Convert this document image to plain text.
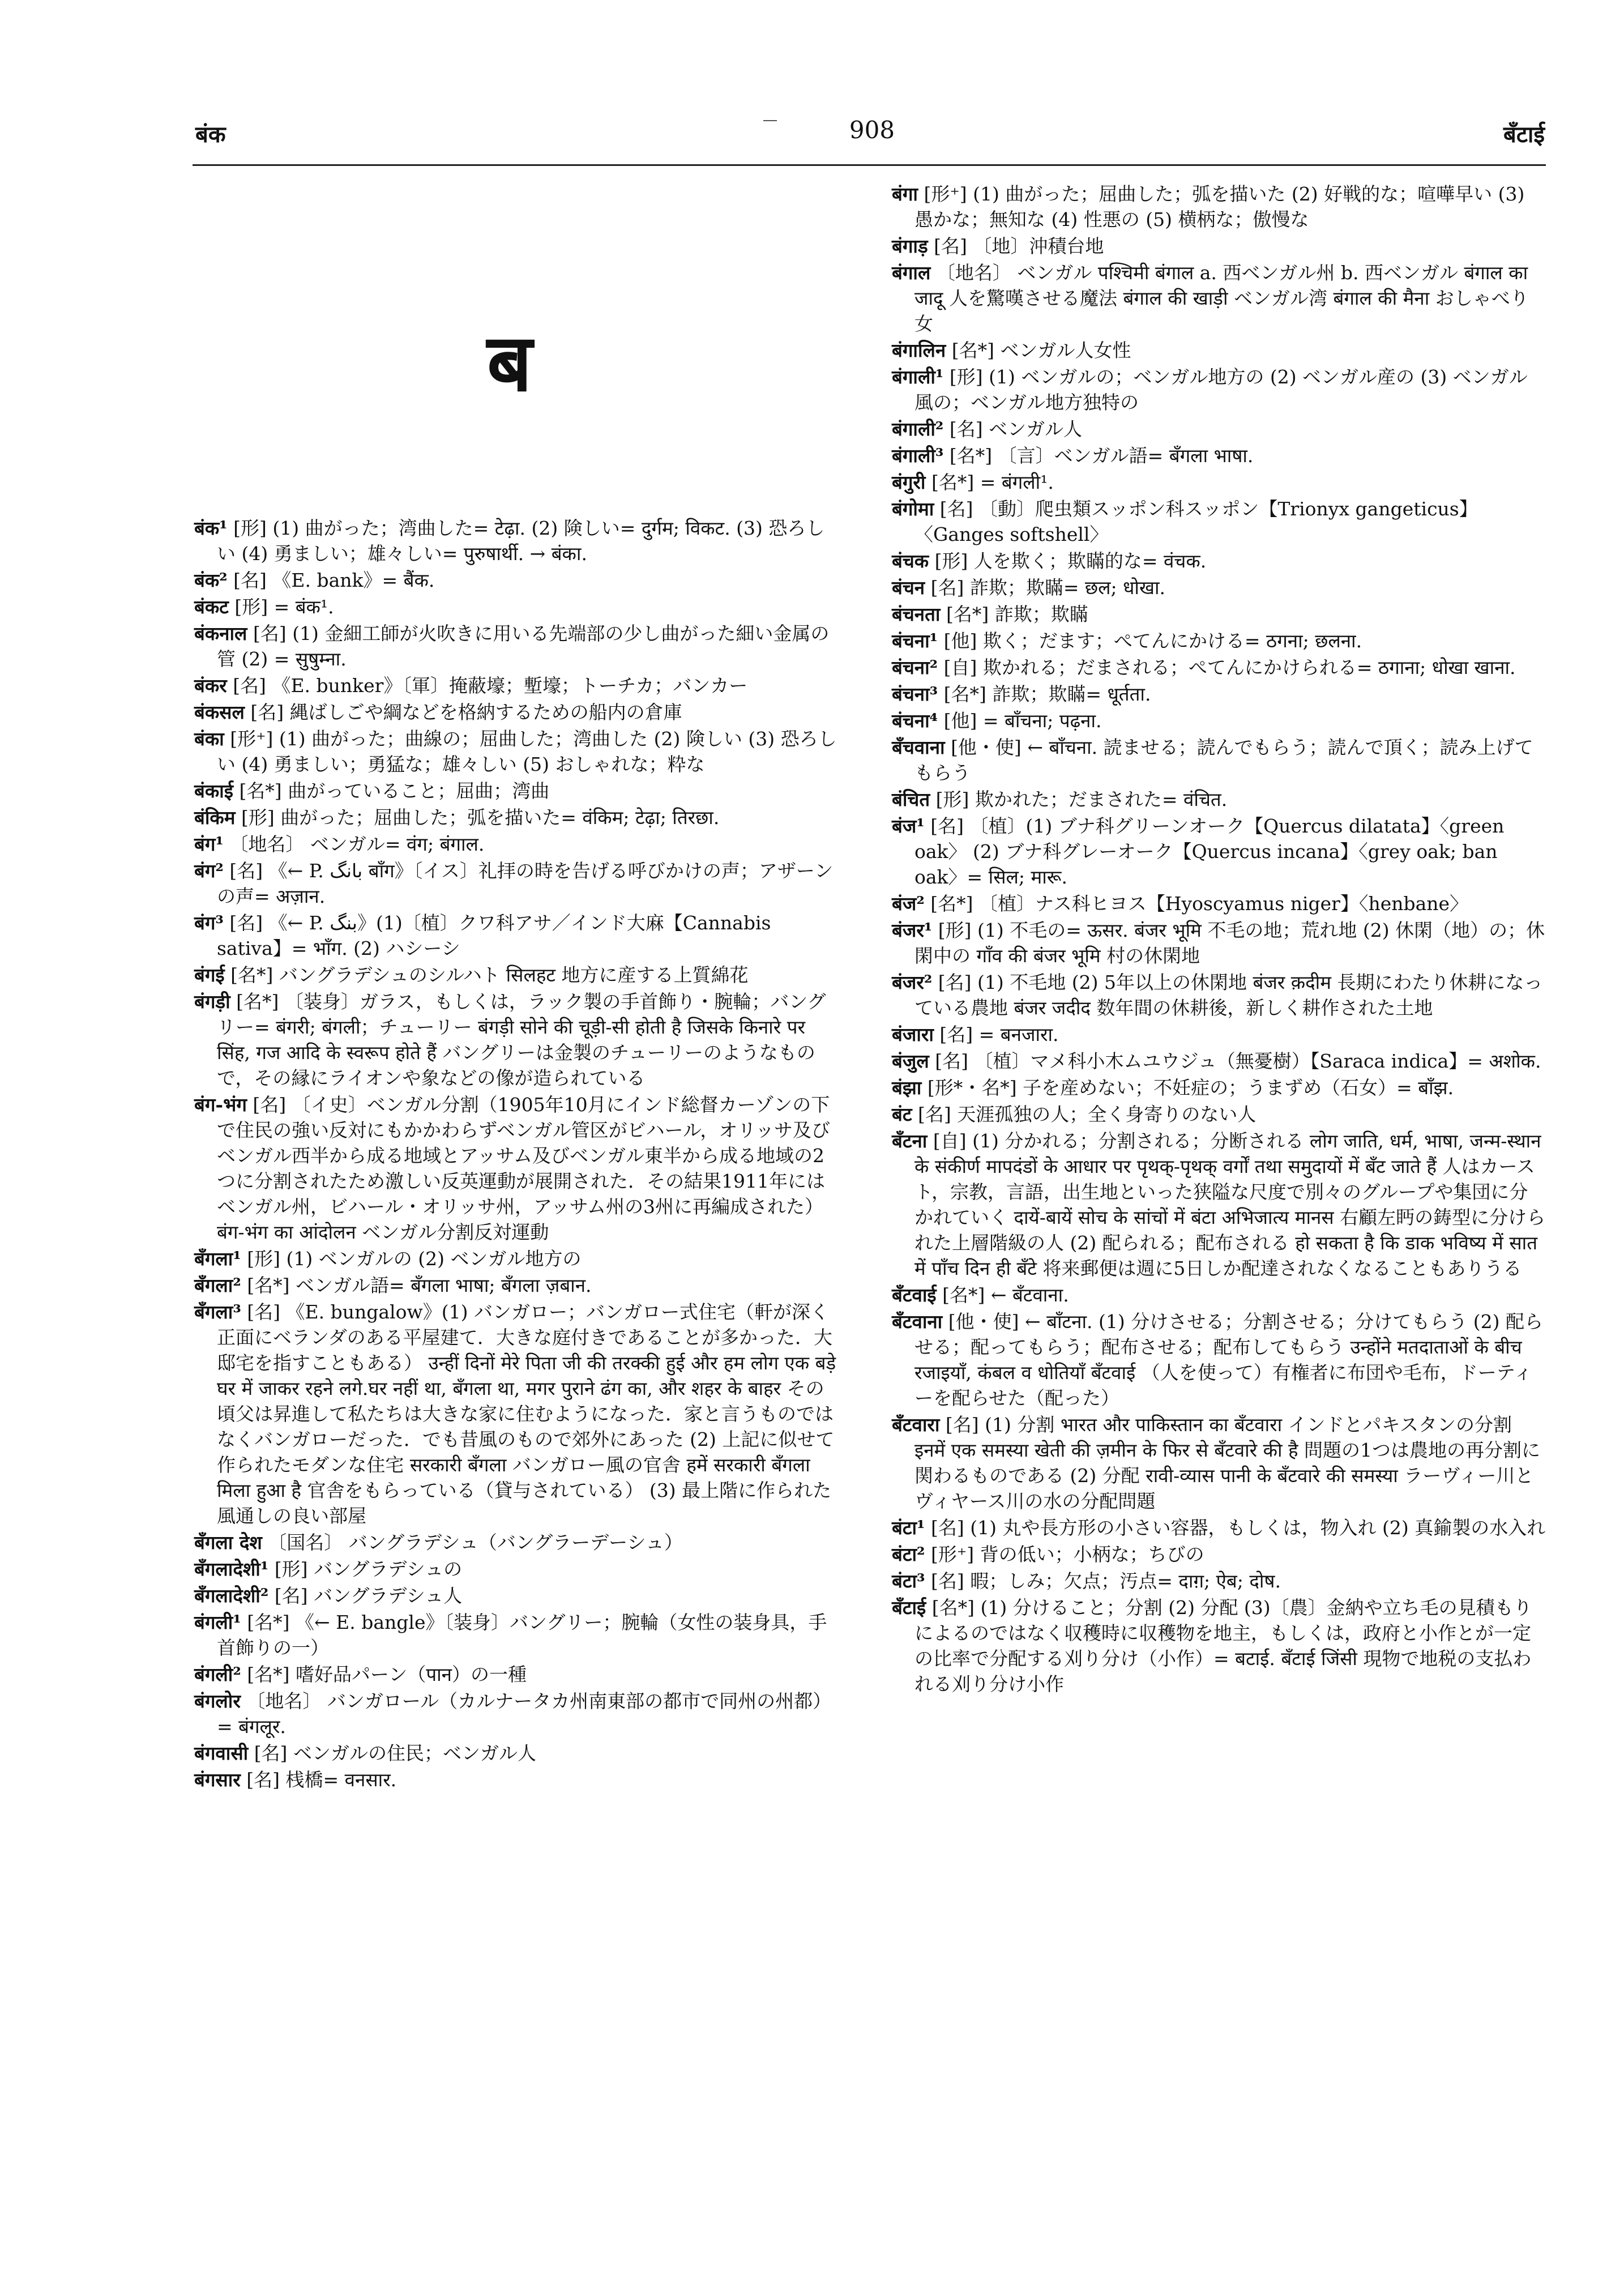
बंक	908	बँटाई
ब

बंक¹ [形] (1) 曲がった；湾曲した= टेढ़ा. (2) 険しい= दुर्गम; विकट. (3) 恐ろしい (4) 勇ましい；雄々しい= पुरुषार्थी. → बंका.

बंक² [名] 《E. bank》= बैंक.

बंकट [形] = बंक¹.

बंकनाल [名] (1) 金細工師が火吹きに用いる先端部の少し曲がった細い金属の管 (2) = सुषुम्ना.

बंकर [名] 《E. bunker》〔軍〕掩蔽壕；塹壕；トーチカ；バンカー

बंकसल [名] 縄ばしごや綱などを格納するための船内の倉庫

बंका [形⁺] (1) 曲がった；曲線の；屈曲した；湾曲した (2) 険しい (3) 恐ろしい (4) 勇ましい；勇猛な；雄々しい (5) おしゃれな；粋な

बंकाई [名*] 曲がっていること；屈曲；湾曲

बंकिम [形] 曲がった；屈曲した；弧を描いた= वंकिम; टेढ़ा; तिरछा.

बंग¹ 〔地名〕 ベンガル= वंग; बंगाल.

बंग² [名] 《← P. بانگ बाँग》〔イス〕礼拝の時を告げる呼びかけの声；アザーンの声= अज़ान.

बंग³ [名] 《← P. بنگ》(1)〔植〕クワ科アサ／インド大麻【Cannabis sativa】= भाँग. (2) ハシーシ

बंगई [名*] バングラデシュのシルハト सिलहट 地方に産する上質綿花

बंगड़ी [名*] 〔装身〕ガラス，もしくは，ラック製の手首飾り・腕輪；バングリー= बंगरी; बंगली；チューリー बंगड़ी सोने की चूड़ी-सी होती है जिसके किनारे पर सिंह, गज आदि के स्वरूप होते हैं バングリーは金製のチューリーのようなもので，その縁にライオンや象などの像が造られている

बंग-भंग [名] 〔イ史〕ベンガル分割（1905年10月にインド総督カーゾンの下で住民の強い反対にもかかわらずベンガル管区がビハール，オリッサ及びベンガル西半から成る地域とアッサム及びベンガル東半から成る地域の2つに分割されたため激しい反英運動が展開された．その結果1911年にはベンガル州，ビハール・オリッサ州，アッサム州の3州に再編成された） बंग-भंग का आंदोलन ベンガル分割反対運動

बँगला¹ [形] (1) ベンガルの (2) ベンガル地方の

बँगला² [名*] ベンガル語= बँगला भाषा; बँगला ज़बान.

बँगला³ [名] 《E. bungalow》(1) バンガロー；バンガロー式住宅（軒が深く正面にベランダのある平屋建て．大きな庭付きであることが多かった．大邸宅を指すこともある） उन्हीं दिनों मेरे पिता जी की तरक्की हुई और हम लोग एक बड़े घर में जाकर रहने लगे.घर नहीं था, बँगला था, मगर पुराने ढंग का, और शहर के बाहर その頃父は昇進して私たちは大きな家に住むようになった．家と言うものではなくバンガローだった．でも昔風のもので郊外にあった (2) 上記に似せて作られたモダンな住宅 सरकारी बँगला バンガロー風の官舎 हमें सरकारी बँगला मिला हुआ है 官舎をもらっている（貸与されている） (3) 最上階に作られた風通しの良い部屋

बँगला देश 〔国名〕 バングラデシュ（バングラーデーシュ）

बँगलादेशी¹ [形] バングラデシュの

बँगलादेशी² [名] バングラデシュ人

बंगली¹ [名*] 《← E. bangle》〔装身〕バングリー；腕輪（女性の装身具，手首飾りの一）

बंगली² [名*] 嗜好品パーン（पान）の一種

बंगलोर 〔地名〕 バンガロール（カルナータカ州南東部の都市で同州の州都）= बंगलूर.

बंगवासी [名] ベンガルの住民；ベンガル人

बंगसार [名] 桟橋= वनसार.

बंगा [形⁺] (1) 曲がった；屈曲した；弧を描いた (2) 好戦的な；喧嘩早い (3) 愚かな；無知な (4) 性悪の (5) 横柄な；傲慢な

बंगाड़ [名] 〔地〕沖積台地

बंगाल 〔地名〕 ベンガル पश्चिमी बंगाल a. 西ベンガル州 b. 西ベンガル बंगाल का जादू 人を驚嘆させる魔法 बंगाल की खाड़ी ベンガル湾 बंगाल की मैना おしゃべり女

बंगालिन [名*] ベンガル人女性

बंगाली¹ [形] (1) ベンガルの；ベンガル地方の (2) ベンガル産の (3) ベンガル風の；ベンガル地方独特の

बंगाली² [名] ベンガル人

बंगाली³ [名*] 〔言〕ベンガル語= बँगला भाषा.

बंगुरी [名*] = बंगली¹.

बंगोमा [名] 〔動〕爬虫類スッポン科スッポン【Trionyx gangeticus】〈Ganges softshell〉

बंचक [形] 人を欺く；欺瞞的な= वंचक.

बंचन [名] 詐欺；欺瞞= छल; धोखा.

बंचनता [名*] 詐欺；欺瞞

बंचना¹ [他] 欺く；だます；ぺてんにかける= ठगना; छलना.

बंचना² [自] 欺かれる；だまされる；ぺてんにかけられる= ठगाना; धोखा खाना.

बंचना³ [名*] 詐欺；欺瞞= धूर्तता.

बंचना⁴ [他] = बाँचना; पढ़ना.

बँचवाना [他・使] ← बाँचना. 読ませる；読んでもらう；読んで頂く；読み上げてもらう

बंचित [形] 欺かれた；だまされた= वंचित.

बंज¹ [名] 〔植〕(1) ブナ科グリーンオーク【Quercus dilatata】〈green oak〉 (2) ブナ科グレーオーク【Quercus incana】〈grey oak; ban oak〉= सिल; मारू.

बंज² [名*] 〔植〕ナス科ヒヨス【Hyoscyamus niger】〈henbane〉

बंजर¹ [形] (1) 不毛の= ऊसर. बंजर भूमि 不毛の地；荒れ地 (2) 休閑（地）の；休閑中の गाँव की बंजर भूमि 村の休閑地

बंजर² [名] (1) 不毛地 (2) 5年以上の休閑地 बंजर क़दीम 長期にわたり休耕になっている農地 बंजर जदीद 数年間の休耕後，新しく耕作された土地

बंजारा [名] = बनजारा.

बंजुल [名] 〔植〕マメ科小木ムユウジュ（無憂樹）【Saraca indica】= अशोक.

बंझा [形*・名*] 子を産めない；不妊症の；うまずめ（石女）= बाँझ.

बंट [名] 天涯孤独の人；全く身寄りのない人

बँटना [自] (1) 分かれる；分割される；分断される लोग जाति, धर्म, भाषा, जन्म-स्थान के संकीर्ण मापदंडों के आधार पर पृथक्-पृथक् वर्गों तथा समुदायों में बँट जाते हैं 人はカースト，宗教，言語，出生地といった狭隘な尺度で別々のグループや集団に分かれていく दायें-बायें सोच के सांचों में बंटा अभिजात्य मानस 右顧左眄の鋳型に分けられた上層階級の人 (2) 配られる；配布される हो सकता है कि डाक भविष्य में सात में पाँच दिन ही बँटे 将来郵便は週に5日しか配達されなくなることもありうる

बँटवाई [名*] ← बँटवाना.

बँटवाना [他・使] ← बाँटना. (1) 分けさせる；分割させる；分けてもらう (2) 配らせる；配ってもらう；配布させる；配布してもらう उन्होंने मतदाताओं के बीच रजाइयाँ, कंबल व धोतियाँ बँटवाई （人を使って）有権者に布団や毛布，ドーティーを配らせた（配った）

बँटवारा [名] (1) 分割 भारत और पाकिस्तान का बँटवारा インドとパキスタンの分割 इनमें एक समस्या खेती की ज़मीन के फिर से बँटवारे की है 問題の1つは農地の再分割に関わるものである (2) 分配 रावी-व्यास पानी के बँटवारे की समस्या ラーヴィー川とヴィヤース川の水の分配問題

बंटा¹ [名] (1) 丸や長方形の小さい容器，もしくは，物入れ (2) 真鍮製の水入れ

बंटा² [形⁺] 背の低い；小柄な；ちびの

बंटा³ [名] 暇；しみ；欠点；汚点= दाग़; ऐब; दोष.

बँटाई [名*] (1) 分けること；分割 (2) 分配 (3)〔農〕金納や立ち毛の見積もりによるのではなく収穫時に収穫物を地主，もしくは，政府と小作とが一定の比率で分配する刈り分け（小作）= बटाई. बँटाई जिंसी 現物で地税の支払われる刈り分け小作
